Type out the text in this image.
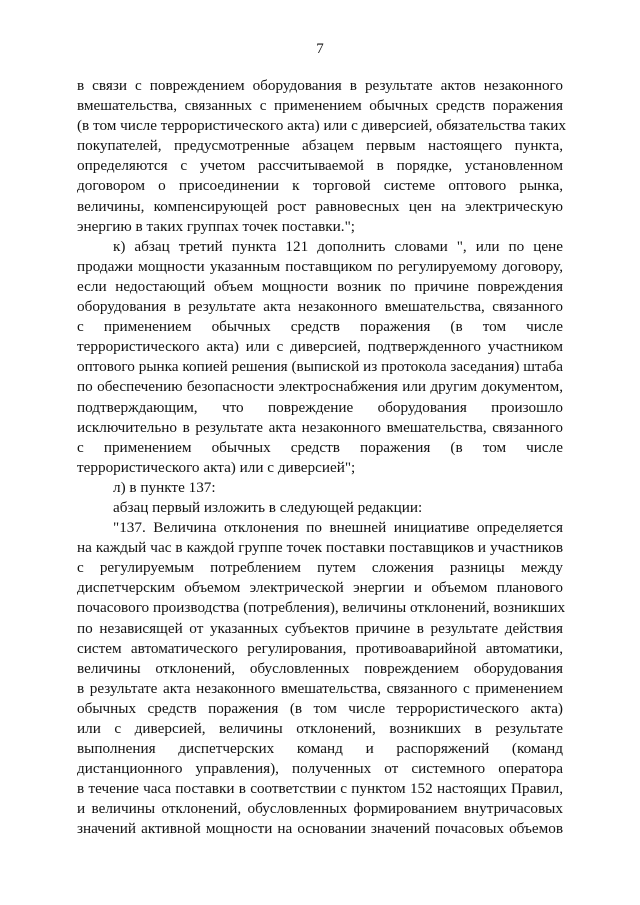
7
в связи с повреждением оборудования в результате актов незаконного
вмешательства, связанных с применением обычных средств поражения
(в том числе террористического акта) или с диверсией, обязательства таких
покупателей, предусмотренные абзацем первым настоящего пункта,
определяются с учетом рассчитываемой в порядке, установленном
договором о присоединении к торговой системе оптового рынка,
величины, компенсирующей рост равновесных цен на электрическую
энергию в таких группах точек поставки.";
к) абзац третий пункта 121 дополнить словами ", или по цене
продажи мощности указанным поставщиком по регулируемому договору,
если недостающий объем мощности возник по причине повреждения
оборудования в результате акта незаконного вмешательства, связанного
с применением обычных средств поражения (в том числе
террористического акта) или с диверсией, подтвержденного участником
оптового рынка копией решения (выпиской из протокола заседания) штаба
по обеспечению безопасности электроснабжения или другим документом,
подтверждающим, что повреждение оборудования произошло
исключительно в результате акта незаконного вмешательства, связанного
с применением обычных средств поражения (в том числе
террористического акта) или с диверсией";
л) в пункте 137:
абзац первый изложить в следующей редакции:
"137. Величина отклонения по внешней инициативе определяется
на каждый час в каждой группе точек поставки поставщиков и участников
с регулируемым потреблением путем сложения разницы между
диспетчерским объемом электрической энергии и объемом планового
почасового производства (потребления), величины отклонений, возникших
по независящей от указанных субъектов причине в результате действия
систем автоматического регулирования, противоаварийной автоматики,
величины отклонений, обусловленных повреждением оборудования
в результате акта незаконного вмешательства, связанного с применением
обычных средств поражения (в том числе террористического акта)
или с диверсией, величины отклонений, возникших в результате
выполнения диспетчерских команд и распоряжений (команд
дистанционного управления), полученных от системного оператора
в течение часа поставки в соответствии с пунктом 152 настоящих Правил,
и величины отклонений, обусловленных формированием внутричасовых
значений активной мощности на основании значений почасовых объемов
